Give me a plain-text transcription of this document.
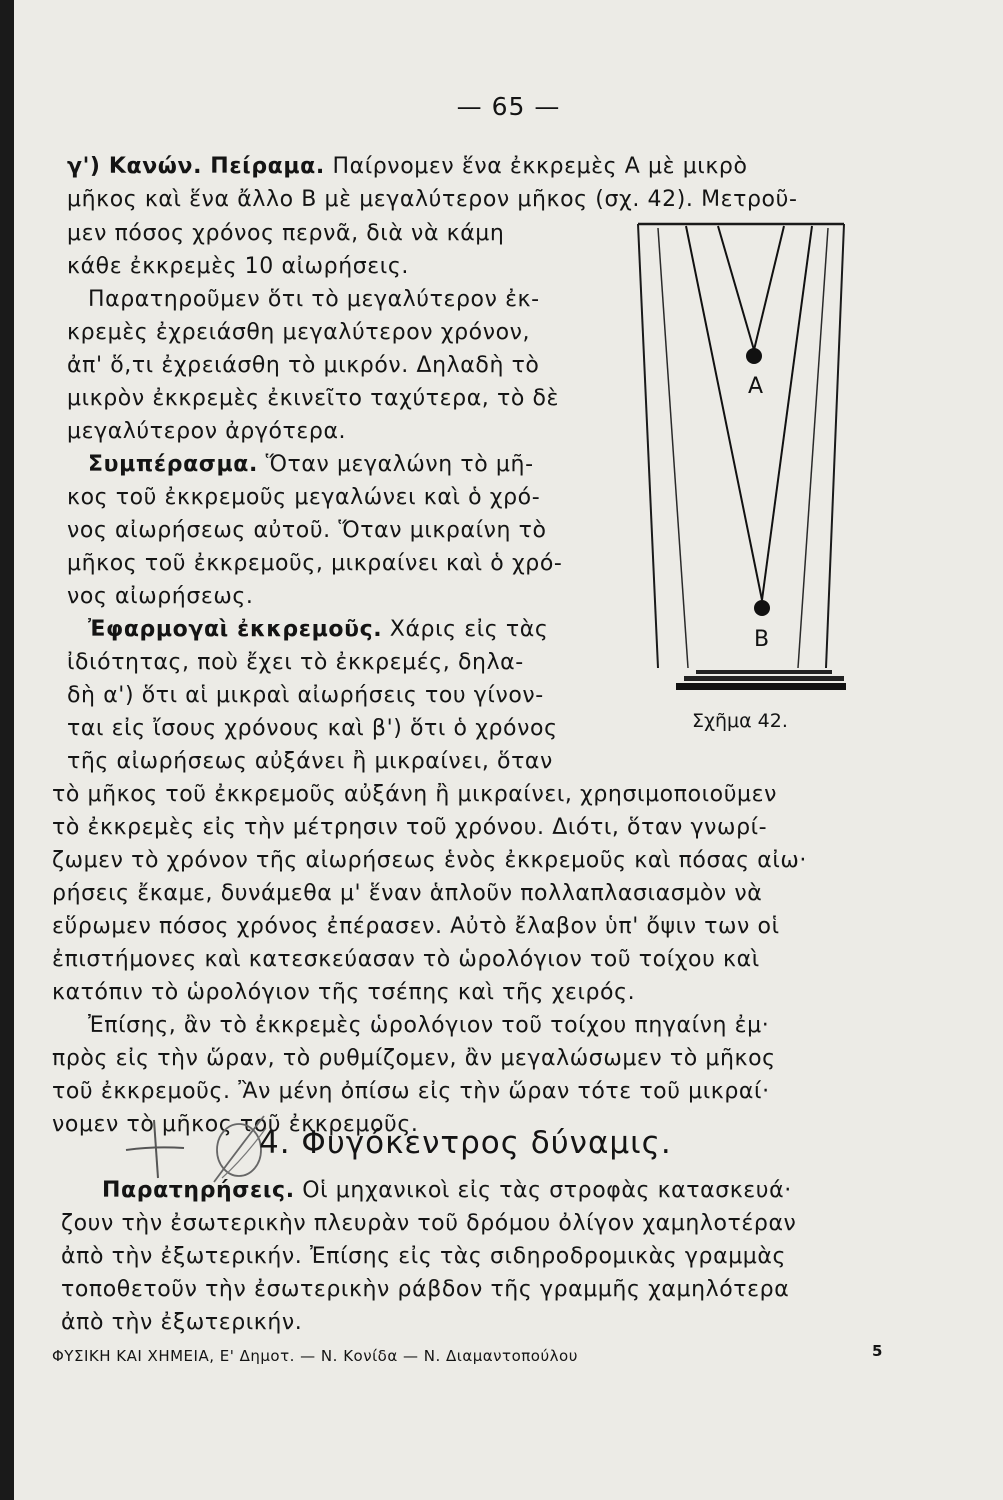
— 65 —
γ') Κανών. Πείραμα. Παίρνομεν ἕνα ἐκκρεμὲς Α μὲ μικρὸ
μῆκος καὶ ἕνα ἄλλο Β μὲ μεγαλύτερον μῆκος (σχ. 42). Μετροῦ-
μεν πόσος χρόνος περνᾶ, διὰ νὰ κάμη
κάθε ἐκκρεμὲς 10 αἰωρήσεις.
Παρατηροῦμεν ὅτι τὸ μεγαλύτερον ἐκ-
κρεμὲς ἐχρειάσθη μεγαλύτερον χρόνον,
ἀπ' ὅ,τι ἐχρειάσθη τὸ μικρόν. Δηλαδὴ τὸ
μικρὸν ἐκκρεμὲς ἐκινεῖτο ταχύτερα, τὸ δὲ
μεγαλύτερον ἀργότερα.
Συμπέρασμα. Ὅταν μεγαλώνη τὸ μῆ-
κος τοῦ ἐκκρεμοῦς μεγαλώνει καὶ ὁ χρό-
νος αἰωρήσεως αὐτοῦ. Ὅταν μικραίνη τὸ
μῆκος τοῦ ἐκκρεμοῦς, μικραίνει καὶ ὁ χρό-
νος αἰωρήσεως.
Ἐφαρμογαὶ ἐκκρεμοῦς. Χάρις εἰς τὰς
ἰδιότητας, ποὺ ἔχει τὸ ἐκκρεμές, δηλα-
δὴ α') ὅτι αἱ μικραὶ αἰωρήσεις του γίνον-
ται εἰς ἴσους χρόνους καὶ β') ὅτι ὁ χρόνος
τῆς αἰωρήσεως αὐξάνει ἢ μικραίνει, ὅταν
τὸ μῆκος τοῦ ἐκκρεμοῦς αὐξάνη ἢ μικραίνει, χρησιμοποιοῦμεν
τὸ ἐκκρεμὲς εἰς τὴν μέτρησιν τοῦ χρόνου. Διότι, ὅταν γνωρί-
ζωμεν τὸ χρόνον τῆς αἰωρήσεως ἑνὸς ἐκκρεμοῦς καὶ πόσας αἰω·
ρήσεις ἔκαμε, δυνάμεθα μ' ἕναν ἁπλοῦν πολλαπλασιασμὸν νὰ
εὕρωμεν πόσος χρόνος ἐπέρασεν. Αὐτὸ ἔλαβον ὑπ' ὄψιν των οἱ
ἐπιστήμονες καὶ κατεσκεύασαν τὸ ὡρολόγιον τοῦ τοίχου καὶ
κατόπιν τὸ ὡρολόγιον τῆς τσέπης καὶ τῆς χειρός.
Ἐπίσης, ἂν τὸ ἐκκρεμὲς ὡρολόγιον τοῦ τοίχου πηγαίνη ἐμ·
πρὸς εἰς τὴν ὥραν, τὸ ρυθμίζομεν, ἂν μεγαλώσωμεν τὸ μῆκος
τοῦ ἐκκρεμοῦς. Ἂν μένη ὀπίσω εἰς τὴν ὥραν τότε τοῦ μικραί·
νομεν τὸ μῆκος τοῦ ἐκκρεμοῦς.
4. Φυγόκεντρος δύναμις.
Παρατηρήσεις. Οἱ μηχανικοὶ εἰς τὰς στροφὰς κατασκευά·
ζουν τὴν ἐσωτερικὴν πλευρὰν τοῦ δρόμου ὀλίγον χαμηλοτέραν
ἀπὸ τὴν ἐξωτερικήν. Ἐπίσης εἰς τὰς σιδηροδρομικὰς γραμμὰς
τοποθετοῦν τὴν ἐσωτερικὴν ράβδον τῆς γραμμῆς χαμηλότερα
ἀπὸ τὴν ἐξωτερικήν.
A
B
Σχῆμα 42.
ΦΥΣΙΚΗ ΚΑΙ ΧΗΜΕΙΑ, Ε' Δημοτ. — Ν. Κονίδα — Ν. Διαμαντοπούλου	5
